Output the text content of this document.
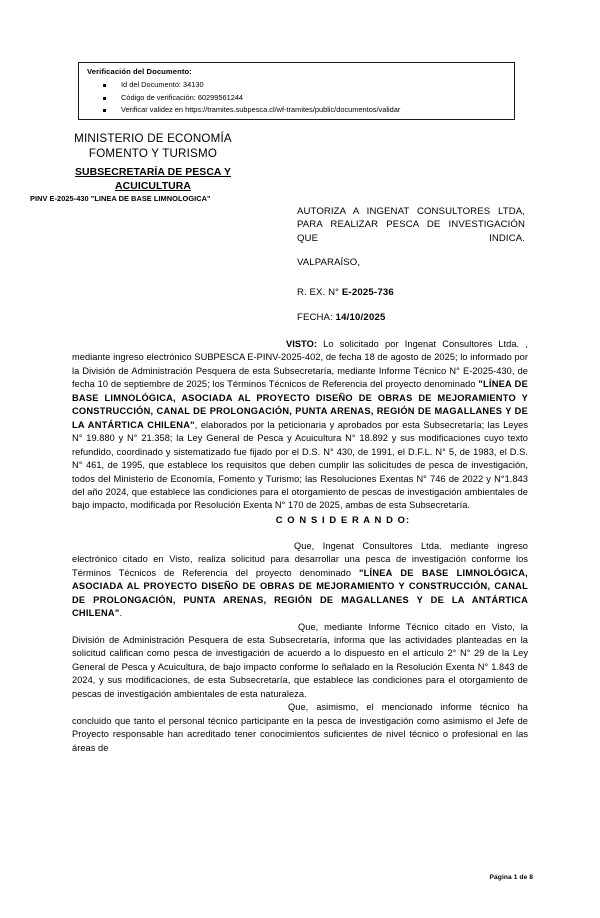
Verificación del Documento:
Id del Documento: 34130
Código de verificación: 60299561244
Verificar validez en https://tramites.subpesca.cl/wf-tramites/public/documentos/validar
MINISTERIO DE ECONOMÍA
FOMENTO Y TURISMO
SUBSECRETARÍA DE PESCA Y
ACUICULTURA
PINV E-2025-430 "LINEA DE BASE LIMNOLOGICA"
AUTORIZA A INGENAT CONSULTORES LTDA, PARA REALIZAR PESCA DE INVESTIGACIÓN QUE INDICA.
VALPARAÍSO,
R. EX. N° E-2025-736
FECHA: 14/10/2025

VISTO: Lo solicitado por Ingenat Consultores Ltda. , mediante ingreso electrónico SUBPESCA E-PINV-2025-402, de fecha 18 de agosto de 2025; lo informado por la División de Administración Pesquera de esta Subsecretaría, mediante Informe Técnico N° E-2025-430, de fecha 10 de septiembre de 2025; los Términos Técnicos de Referencia del proyecto denominado "LÍNEA DE BASE LIMNOLÓGICA, ASOCIADA AL PROYECTO DISEÑO DE OBRAS DE MEJORAMIENTO Y CONSTRUCCIÓN, CANAL DE PROLONGACIÓN, PUNTA ARENAS, REGIÓN DE MAGALLANES Y DE LA ANTÁRTICA CHILENA", elaborados por la peticionaria y aprobados por esta Subsecretaría; las Leyes N° 19.880 y N° 21.358; la Ley General de Pesca y Acuicultura N° 18.892 y sus modificaciones cuyo texto refundido, coordinado y sistematizado fue fijado por el D.S. N° 430, de 1991, el D.F.L. N° 5, de 1983, el D.S. N° 461, de 1995, que establece los requisitos que deben cumplir las solicitudes de pesca de investigación, todos del Ministerio de Economía, Fomento y Turismo; las Resoluciones Exentas N° 746 de 2022 y N°1.843 del año 2024, que establece las condiciones para el otorgamiento de pescas de investigación ambientales de bajo impacto, modificada por Resolución Exenta N° 170 de 2025, ambas de esta Subsecretaría.

C O N S I D E R A N D O:

Que, Ingenat Consultores Ltda. mediante ingreso electrónico citado en Visto, realiza solicitud para desarrollar una pesca de investigación conforme los Términos Técnicos de Referencia del proyecto denominado "LÍNEA DE BASE LIMNOLÓGICA, ASOCIADA AL PROYECTO DISEÑO DE OBRAS DE MEJORAMIENTO Y CONSTRUCCIÓN, CANAL DE PROLONGACIÓN, PUNTA ARENAS, REGIÓN DE MAGALLANES Y DE LA ANTÁRTICA CHILENA".

Que, mediante Informe Técnico citado en Visto, la División de Administración Pesquera de esta Subsecretaría, informa que las actividades planteadas en la solicitud califican como pesca de investigación de acuerdo a lo dispuesto en el artículo 2° N° 29 de la Ley General de Pesca y Acuicultura, de bajo impacto conforme lo señalado en la Resolución Exenta N° 1.843 de 2024, y sus modificaciones, de esta Subsecretaría, que establece las condiciones para el otorgamiento de pescas de investigación ambientales de esta naturaleza.

Que, asimismo, el mencionado informe técnico ha concluido que tanto el personal técnico participante en la pesca de investigación como asimismo el Jefe de Proyecto responsable han acreditado tener conocimientos suficientes de nivel técnico o profesional en las áreas de

Página 1 de 8
